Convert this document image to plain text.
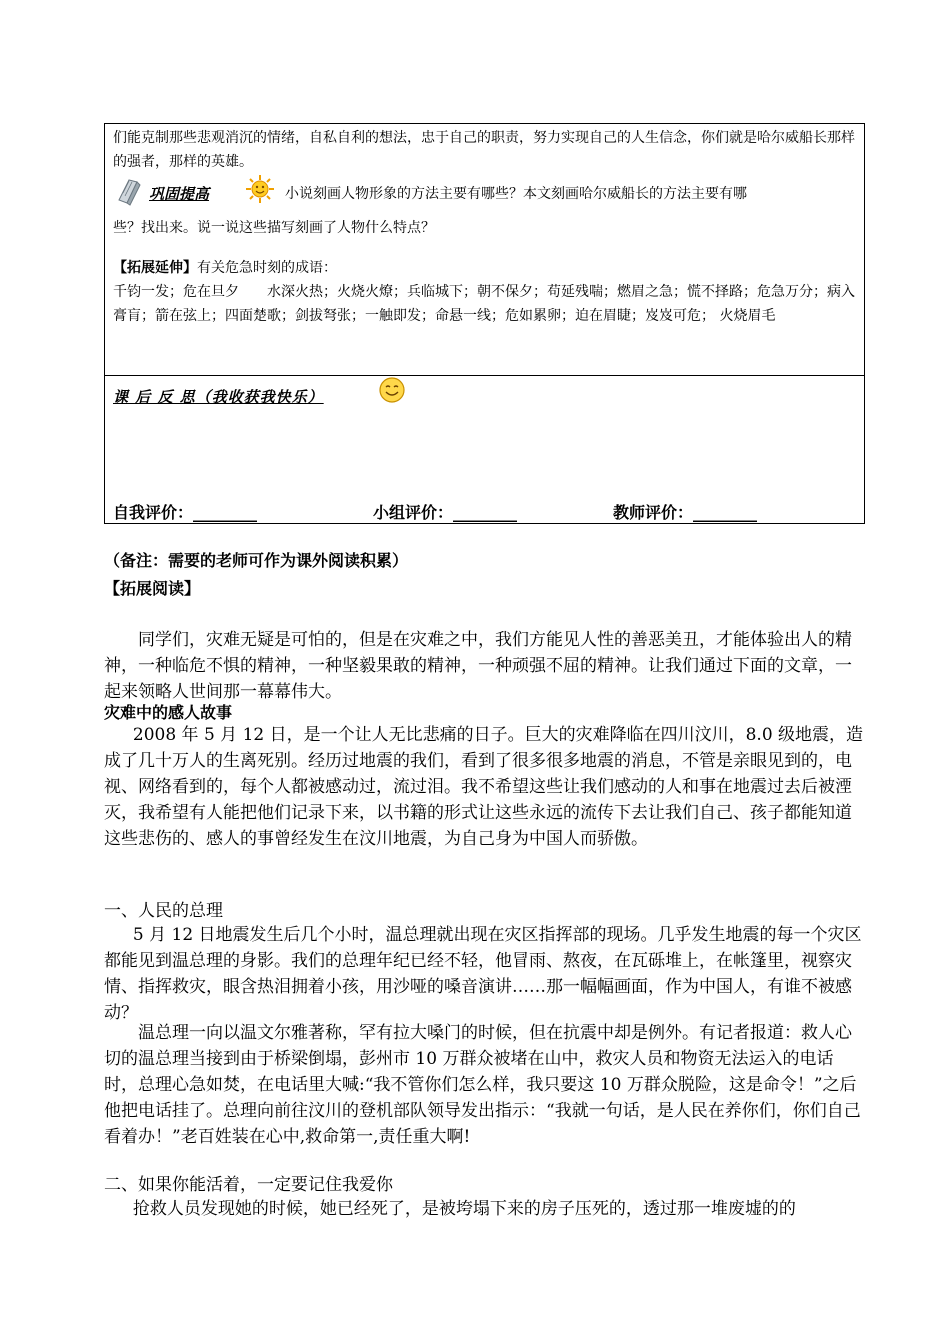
们能克制那些悲观消沉的情绪，自私自利的想法，忠于自己的职责，努力实现自己的人生信念，你们就是哈尔威船长那样的强者，那样的英雄。
巩固提高	小说刻画人物形象的方法主要有哪些？本文刻画哈尔威船长的方法主要有哪
些？找出来。说一说这些描写刻画了人物什么特点？
【拓展延伸】有关危急时刻的成语：
千钧一发；危在旦夕　　水深火热；火烧火燎；兵临城下；朝不保夕；苟延残喘；燃眉之急；慌不择路；危急万分；病入膏肓；箭在弦上；四面楚歌；剑拔弩张；一触即发；命悬一线；危如累卵；迫在眉睫；岌岌可危； 火烧眉毛
课 后 反 思（我收获我快乐）
自我评价：________	小组评价：________	教师评价：________
（备注：需要的老师可作为课外阅读积累）
【拓展阅读】
同学们，灾难无疑是可怕的，但是在灾难之中，我们方能见人性的善恶美丑，才能体验出人的精神，一种临危不惧的精神，一种坚毅果敢的精神，一种顽强不屈的精神。让我们通过下面的文章，一起来领略人世间那一幕幕伟大。
灾难中的感人故事
2008 年 5 月 12 日，是一个让人无比悲痛的日子。巨大的灾难降临在四川汶川，8.0 级地震，造成了几十万人的生离死别。经历过地震的我们，看到了很多很多地震的消息，不管是亲眼见到的，电视、网络看到的，每个人都被感动过，流过泪。我不希望这些让我们感动的人和事在地震过去后被湮灭，我希望有人能把他们记录下来，以书籍的形式让这些永远的流传下去让我们自己、孩子都能知道这些悲伤的、感人的事曾经发生在汶川地震，为自己身为中国人而骄傲。
一、人民的总理
5 月 12 日地震发生后几个小时，温总理就出现在灾区指挥部的现场。几乎发生地震的每一个灾区都能见到温总理的身影。我们的总理年纪已经不轻，他冒雨、熬夜，在瓦砾堆上，在帐篷里，视察灾情、指挥救灾，眼含热泪拥着小孩，用沙哑的嗓音演讲……那一幅幅画面，作为中国人，有谁不被感动？
温总理一向以温文尔雅著称，罕有拉大嗓门的时候，但在抗震中却是例外。有记者报道：救人心切的温总理当接到由于桥梁倒塌，彭州市 10 万群众被堵在山中，救灾人员和物资无法运入的电话时，总理心急如焚，在电话里大喊:“我不管你们怎么样，我只要这 10 万群众脱险，这是命令！”之后他把电话挂了。总理向前往汶川的登机部队领导发出指示：“我就一句话，是人民在养你们，你们自己看着办！”老百姓装在心中,救命第一,责任重大啊!
二、如果你能活着，一定要记住我爱你
抢救人员发现她的时候，她已经死了，是被垮塌下来的房子压死的，透过那一堆废墟的的
